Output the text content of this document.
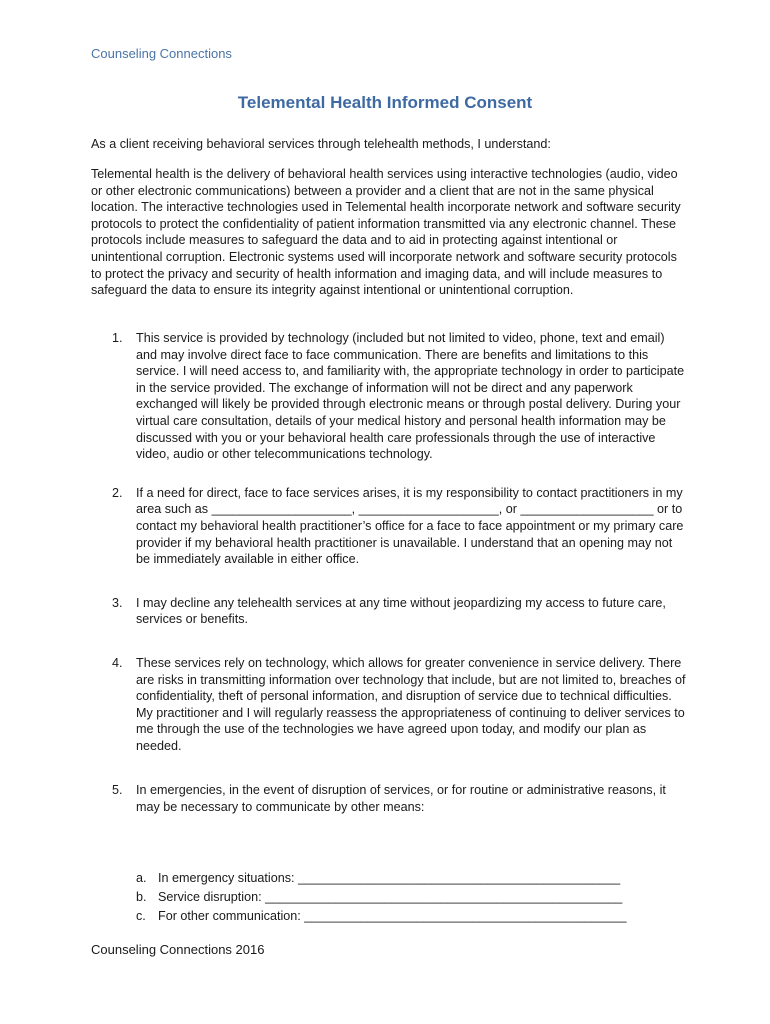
Counseling Connections
Telemental Health Informed Consent
As a client receiving behavioral services through telehealth methods, I understand:
Telemental health is the delivery of behavioral health services using interactive technologies (audio, video or other electronic communications) between a provider and a client that are not in the same physical location. The interactive technologies used in Telemental health incorporate network and software security protocols to protect the confidentiality of patient information transmitted via any electronic channel. These protocols include measures to safeguard the data and to aid in protecting against intentional or unintentional corruption. Electronic systems used will incorporate network and software security protocols to protect the privacy and security of health information and imaging data, and will include measures to safeguard the data to ensure its integrity against intentional or unintentional corruption.
1. This service is provided by technology (included but not limited to video, phone, text and email) and may involve direct face to face communication. There are benefits and limitations to this service. I will need access to, and familiarity with, the appropriate technology in order to participate in the service provided. The exchange of information will not be direct and any paperwork exchanged will likely be provided through electronic means or through postal delivery. During your virtual care consultation, details of your medical history and personal health information may be discussed with you or your behavioral health care professionals through the use of interactive video, audio or other telecommunications technology.
2. If a need for direct, face to face services arises, it is my responsibility to contact practitioners in my area such as ____________________, ____________________, or ___________________ or to contact my behavioral health practitioner’s office for a face to face appointment or my primary care provider if my behavioral health practitioner is unavailable. I understand that an opening may not be immediately available in either office.
3. I may decline any telehealth services at any time without jeopardizing my access to future care, services or benefits.
4. These services rely on technology, which allows for greater convenience in service delivery. There are risks in transmitting information over technology that include, but are not limited to, breaches of confidentiality, theft of personal information, and disruption of service due to technical difficulties. My practitioner and I will regularly reassess the appropriateness of continuing to deliver services to me through the use of the technologies we have agreed upon today, and modify our plan as needed.
5. In emergencies, in the event of disruption of services, or for routine or administrative reasons, it may be necessary to communicate by other means:
a. In emergency situations: ______________________________________________
b. Service disruption: ___________________________________________________
c. For other communication: ______________________________________________
Counseling Connections 2016
